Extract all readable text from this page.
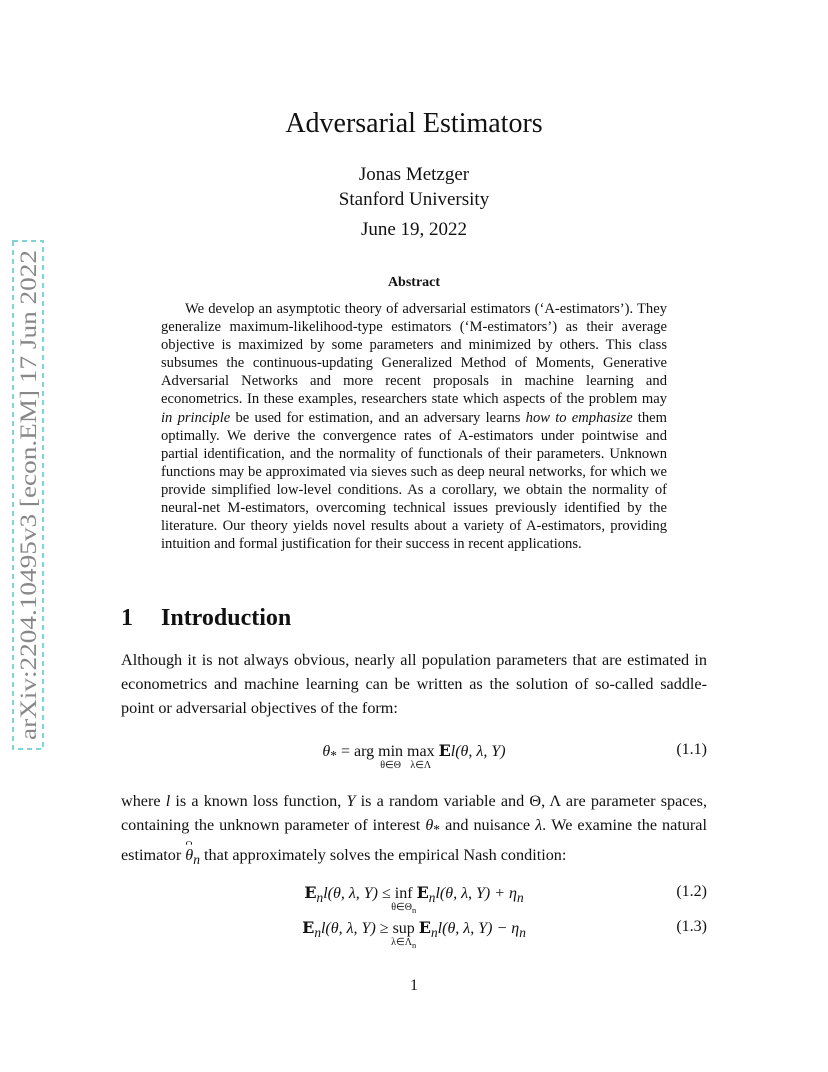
arXiv:2204.10495v3 [econ.EM] 17 Jun 2022
Adversarial Estimators
Jonas Metzger
Stanford University
June 19, 2022
Abstract

We develop an asymptotic theory of adversarial estimators (‘A-estimators’). They generalize maximum-likelihood-type estimators (‘M-estimators’) as their average objective is maximized by some parameters and minimized by others. This class subsumes the continuous-updating Generalized Method of Moments, Generative Adversarial Networks and more recent proposals in machine learning and econometrics. In these examples, researchers state which aspects of the problem may in principle be used for estimation, and an adversary learns how to emphasize them optimally. We derive the convergence rates of A-estimators under pointwise and partial identification, and the normality of functionals of their parameters. Unknown functions may be approximated via sieves such as deep neural networks, for which we provide simplified low-level conditions. As a corollary, we obtain the normality of neural-net M-estimators, overcoming technical issues previously identified by the literature. Our theory yields novel results about a variety of A-estimators, providing intuition and formal justification for their success in recent applications.

1 Introduction

Although it is not always obvious, nearly all population parameters that are estimated in econometrics and machine learning can be written as the solution of so-called saddle-point or adversarial objectives of the form:

$\theta_*$ = arg min
θ∈Θ
max
λ∈Λ
El(θ, λ, Y)	(1.1)

where l is a known loss function, Y is a random variable and Θ, Λ are parameter spaces, containing the unknown parameter of interest $\theta_*$ and nuisance λ. We examine the natural estimator $\theta_n$ that approximately solves the empirical Nash condition:

$E_nl(\theta$, λ, Y) ≤ inf
$\theta\in\Theta_n$
$E_nl(\theta$, λ, $Y) + \eta_n$	(1.2)
$E_nl(\theta$, λ, Y) ≥ sup
$\lambda\in\Lambda_n$
$E_nl(\theta$, λ, $Y) - \eta_n$	(1.3)
1
